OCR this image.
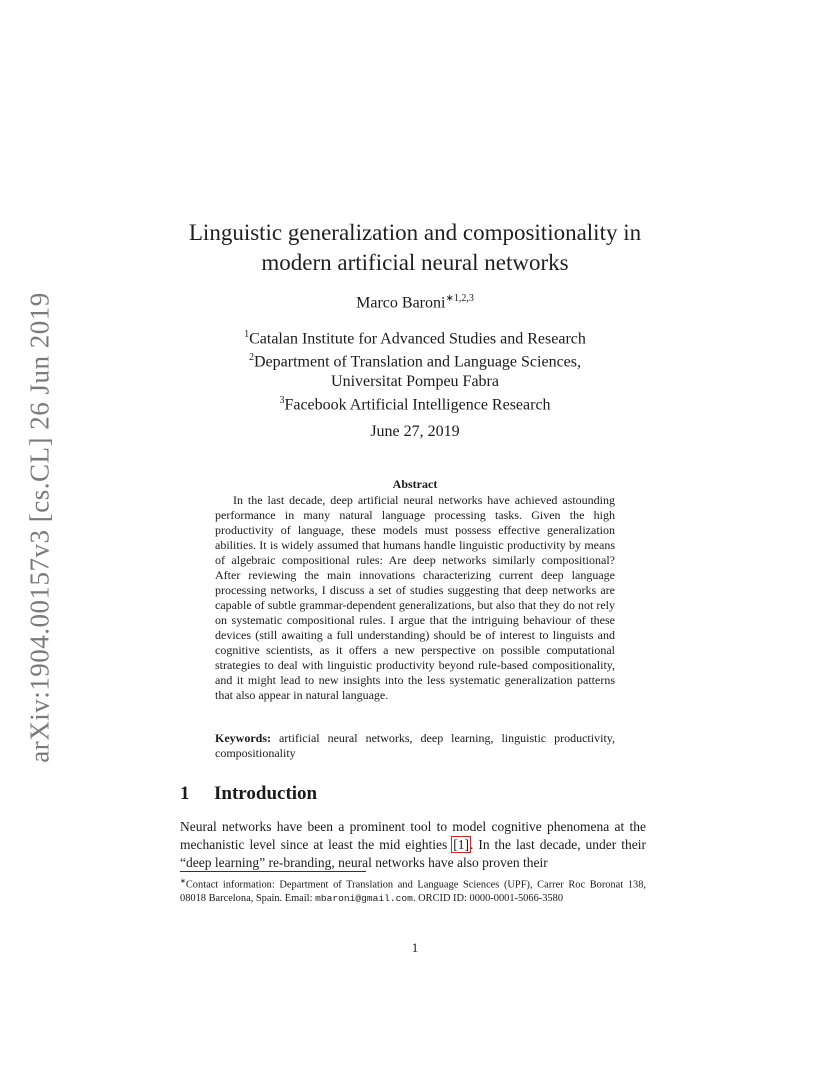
arXiv:1904.00157v3 [cs.CL] 26 Jun 2019
Linguistic generalization and compositionality in
modern artificial neural networks
Marco Baroni$^{∗1,2,3}$
$^1$Catalan Institute for Advanced Studies and Research
$^2$Department of Translation and Language Sciences,
Universitat Pompeu Fabra
$^3$Facebook Artificial Intelligence Research
June 27, 2019
Abstract
In the last decade, deep artificial neural networks have achieved astounding performance in many natural language processing tasks. Given the high productivity of language, these models must possess effective generalization abilities. It is widely assumed that humans handle linguistic productivity by means of algebraic compositional rules: Are deep networks similarly compositional? After reviewing the main innovations characterizing current deep language processing networks, I discuss a set of studies suggesting that deep networks are capable of subtle grammar-dependent generalizations, but also that they do not rely on systematic compositional rules. I argue that the intriguing behaviour of these devices (still awaiting a full understanding) should be of interest to linguists and cognitive scientists, as it offers a new perspective on possible computational strategies to deal with linguistic productivity beyond rule-based compositionality, and it might lead to new insights into the less systematic generalization patterns that also appear in natural language.
Keywords: artificial neural networks, deep learning, linguistic productivity, compositionality
1 Introduction
Neural networks have been a prominent tool to model cognitive phenomena at the mechanistic level since at least the mid eighties [1]. In the last decade, under their “deep learning” re-branding, neural networks have also proven their
∗Contact information: Department of Translation and Language Sciences (UPF), Carrer Roc Boronat 138, 08018 Barcelona, Spain. Email: mbaroni@gmail.com. ORCID ID: 0000-0001-5066-3580
1
